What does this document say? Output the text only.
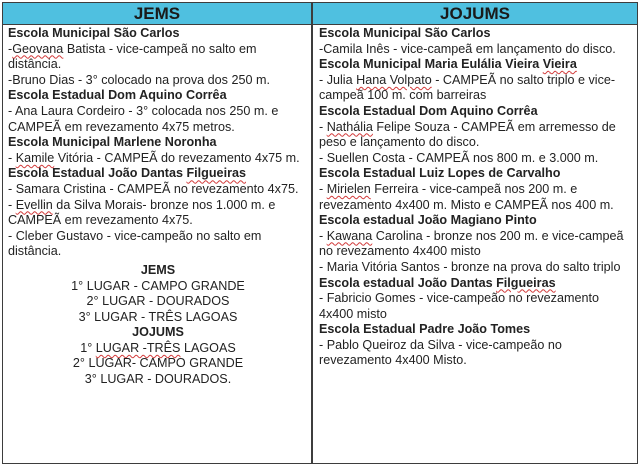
JEMS	JOJUMS

Escola Municipal São Carlos

-Geovana Batista - vice-campeã no salto em distância.

-Bruno Dias - 3° colocado na prova dos 250 m.

Escola Estadual Dom Aquino Corrêa

- Ana Laura Cordeiro - 3° colocada nos 250 m. e CAMPEÃ em revezamento 4x75 metros.

Escola Municipal Marlene Noronha

- Kamile Vitória - CAMPEÃ do revezamento 4x75 m.

Escola Estadual João Dantas Filgueiras

- Samara Cristina - CAMPEÃ no revezamento 4x75.

- Evellin da Silva Morais- bronze nos 1.000 m. e CAMPEÃ em revezamento 4x75.

- Cleber Gustavo - vice-campeão no salto em distância.

JEMS

1° LUGAR - CAMPO GRANDE

2° LUGAR - DOURADOS

3° LUGAR - TRÊS LAGOAS

JOJUMS

1° LUGAR -TRÊS LAGOAS

2° LUGAR- CAMPO GRANDE

3° LUGAR - DOURADOS.

Escola Municipal São Carlos

-Camila Inês - vice-campeã em lançamento do disco.

Escola Municipal Maria Eulália Vieira Vieira

- Julia Hana Volpato - CAMPEÃ no salto triplo e vice-campeã 100 m. com barreiras

Escola Estadual Dom Aquino Corrêa

- Nathália Felipe Souza - CAMPEÃ em arremesso de peso e lançamento do disco.

- Suellen Costa - CAMPEÃ nos 800 m. e 3.000 m.

Escola Estadual Luiz Lopes de Carvalho

- Mirielen Ferreira - vice-campeã nos 200 m. e revezamento 4x400 m. Misto e CAMPEÃ nos 400 m.

Escola estadual João Magiano Pinto

- Kawana Carolina - bronze nos 200 m. e vice-campeã no revezamento 4x400 misto

- Maria Vitória Santos - bronze na prova do salto triplo

Escola estadual João Dantas Filgueiras

- Fabricio Gomes - vice-campeão no revezamento 4x400 misto

Escola Estadual Padre João Tomes

- Pablo Queiroz da Silva - vice-campeão no revezamento 4x400 Misto.
